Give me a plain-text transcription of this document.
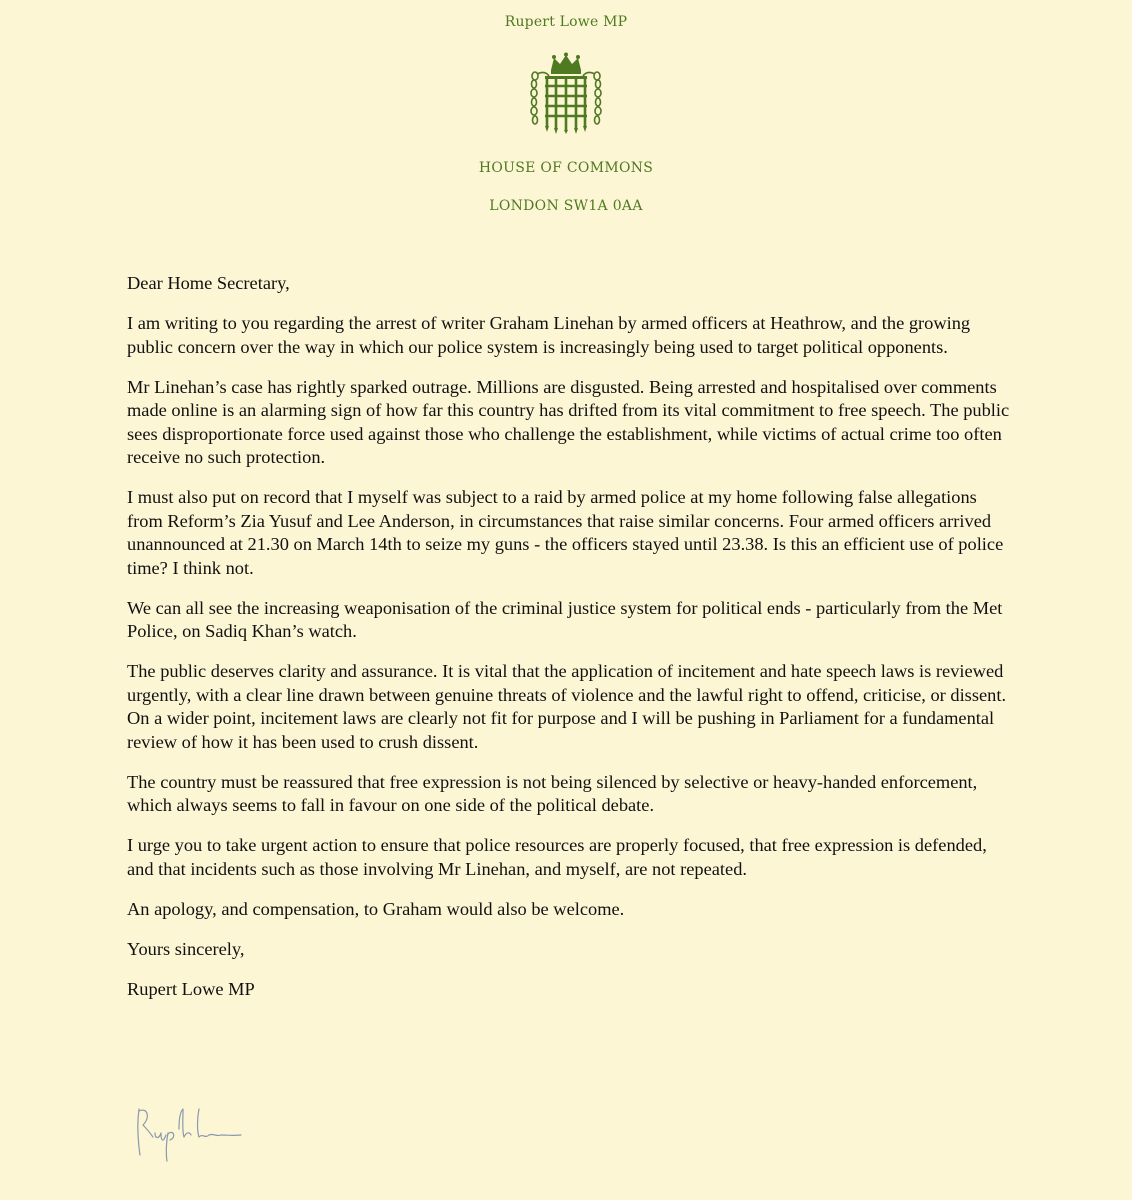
Rupert Lowe MP
HOUSE OF COMMONS
LONDON SW1A 0AA

Dear Home Secretary,

I am writing to you regarding the arrest of writer Graham Linehan by armed officers at Heathrow, and the growing public concern over the way in which our police system is increasingly being used to target political opponents.

Mr Linehan’s case has rightly sparked outrage. Millions are disgusted. Being arrested and hospitalised over comments made online is an alarming sign of how far this country has drifted from its vital commitment to free speech. The public sees disproportionate force used against those who challenge the establishment, while victims of actual crime too often receive no such protection.

I must also put on record that I myself was subject to a raid by armed police at my home following false allegations from Reform’s Zia Yusuf and Lee Anderson, in circumstances that raise similar concerns. Four armed officers arrived unannounced at 21.30 on March 14th to seize my guns - the officers stayed until 23.38. Is this an efficient use of police time? I think not.

We can all see the increasing weaponisation of the criminal justice system for political ends - particularly from the Met Police, on Sadiq Khan’s watch.

The public deserves clarity and assurance. It is vital that the application of incitement and hate speech laws is reviewed urgently, with a clear line drawn between genuine threats of violence and the lawful right to offend, criticise, or dissent. On a wider point, incitement laws are clearly not fit for purpose and I will be pushing in Parliament for a fundamental review of how it has been used to crush dissent.

The country must be reassured that free expression is not being silenced by selective or heavy-handed enforcement, which always seems to fall in favour on one side of the political debate.

I urge you to take urgent action to ensure that police resources are properly focused, that free expression is defended, and that incidents such as those involving Mr Linehan, and myself, are not repeated.

An apology, and compensation, to Graham would also be welcome.

Yours sincerely,

Rupert Lowe MP
